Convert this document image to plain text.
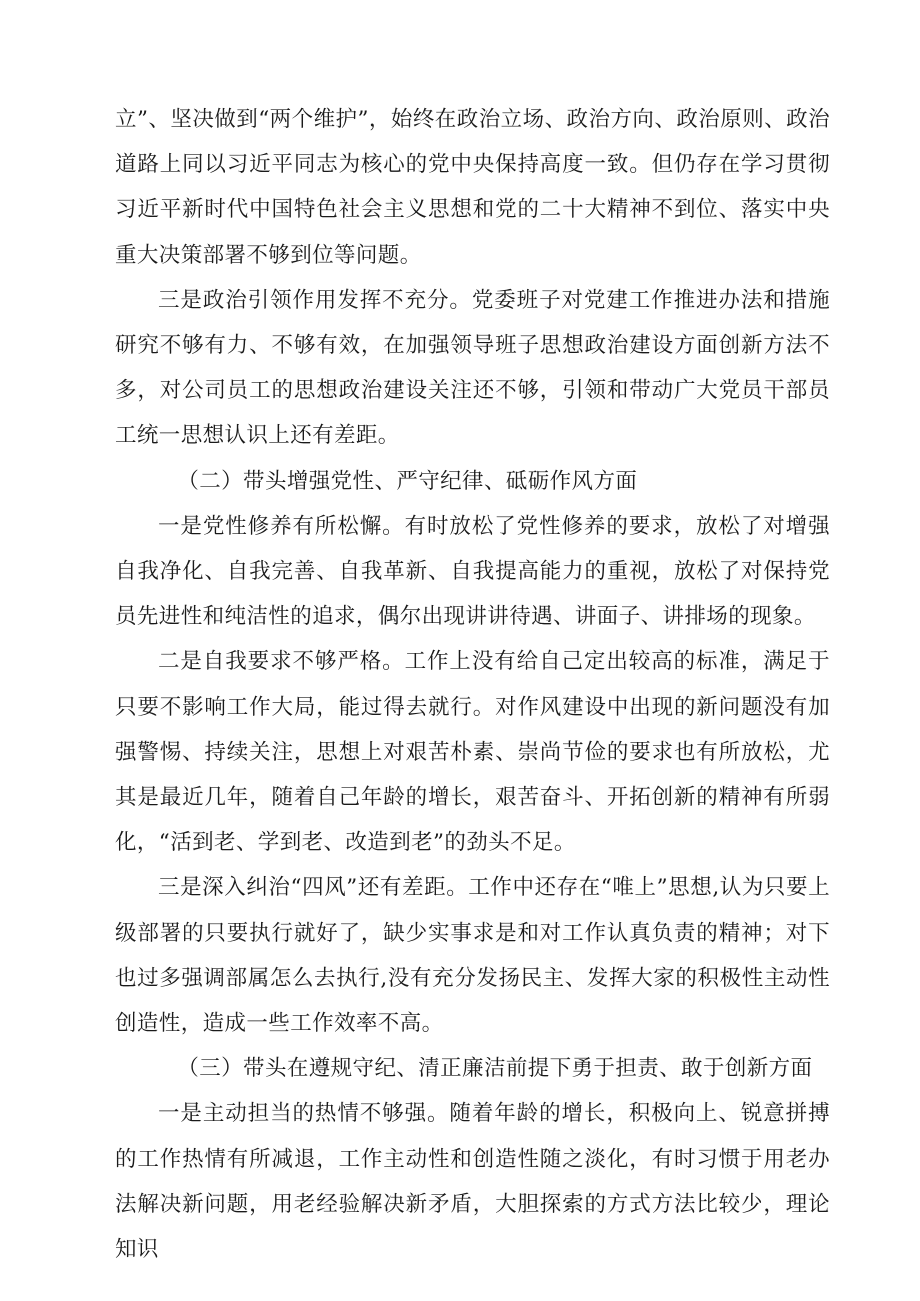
立”、坚决做到“两个维护”，始终在政治立场、政治方向、政治原则、政治道路上同以习近平同志为核心的党中央保持高度一致。但仍存在学习贯彻习近平新时代中国特色社会主义思想和党的二十大精神不到位、落实中央重大决策部署不够到位等问题。

三是政治引领作用发挥不充分。党委班子对党建工作推进办法和措施研究不够有力、不够有效，在加强领导班子思想政治建设方面创新方法不多，对公司员工的思想政治建设关注还不够，引领和带动广大党员干部员工统一思想认识上还有差距。

（二）带头增强党性、严守纪律、砥砺作风方面

一是党性修养有所松懈。有时放松了党性修养的要求，放松了对增强自我净化、自我完善、自我革新、自我提高能力的重视，放松了对保持党员先进性和纯洁性的追求，偶尔出现讲讲待遇、讲面子、讲排场的现象。

二是自我要求不够严格。工作上没有给自己定出较高的标准，满足于只要不影响工作大局，能过得去就行。对作风建设中出现的新问题没有加强警惕、持续关注，思想上对艰苦朴素、崇尚节俭的要求也有所放松，尤其是最近几年，随着自己年龄的增长，艰苦奋斗、开拓创新的精神有所弱化，“活到老、学到老、改造到老”的劲头不足。

三是深入纠治“四风”还有差距。工作中还存在“唯上”思想,认为只要上级部署的只要执行就好了，缺少实事求是和对工作认真负责的精神；对下也过多强调部属怎么去执行,没有充分发扬民主、发挥大家的积极性主动性创造性，造成一些工作效率不高。

（三）带头在遵规守纪、清正廉洁前提下勇于担责、敢于创新方面

一是主动担当的热情不够强。随着年龄的增长，积极向上、锐意拼搏的工作热情有所减退，工作主动性和创造性随之淡化，有时习惯于用老办法解决新问题，用老经验解决新矛盾，大胆探索的方式方法比较少，理论知识
